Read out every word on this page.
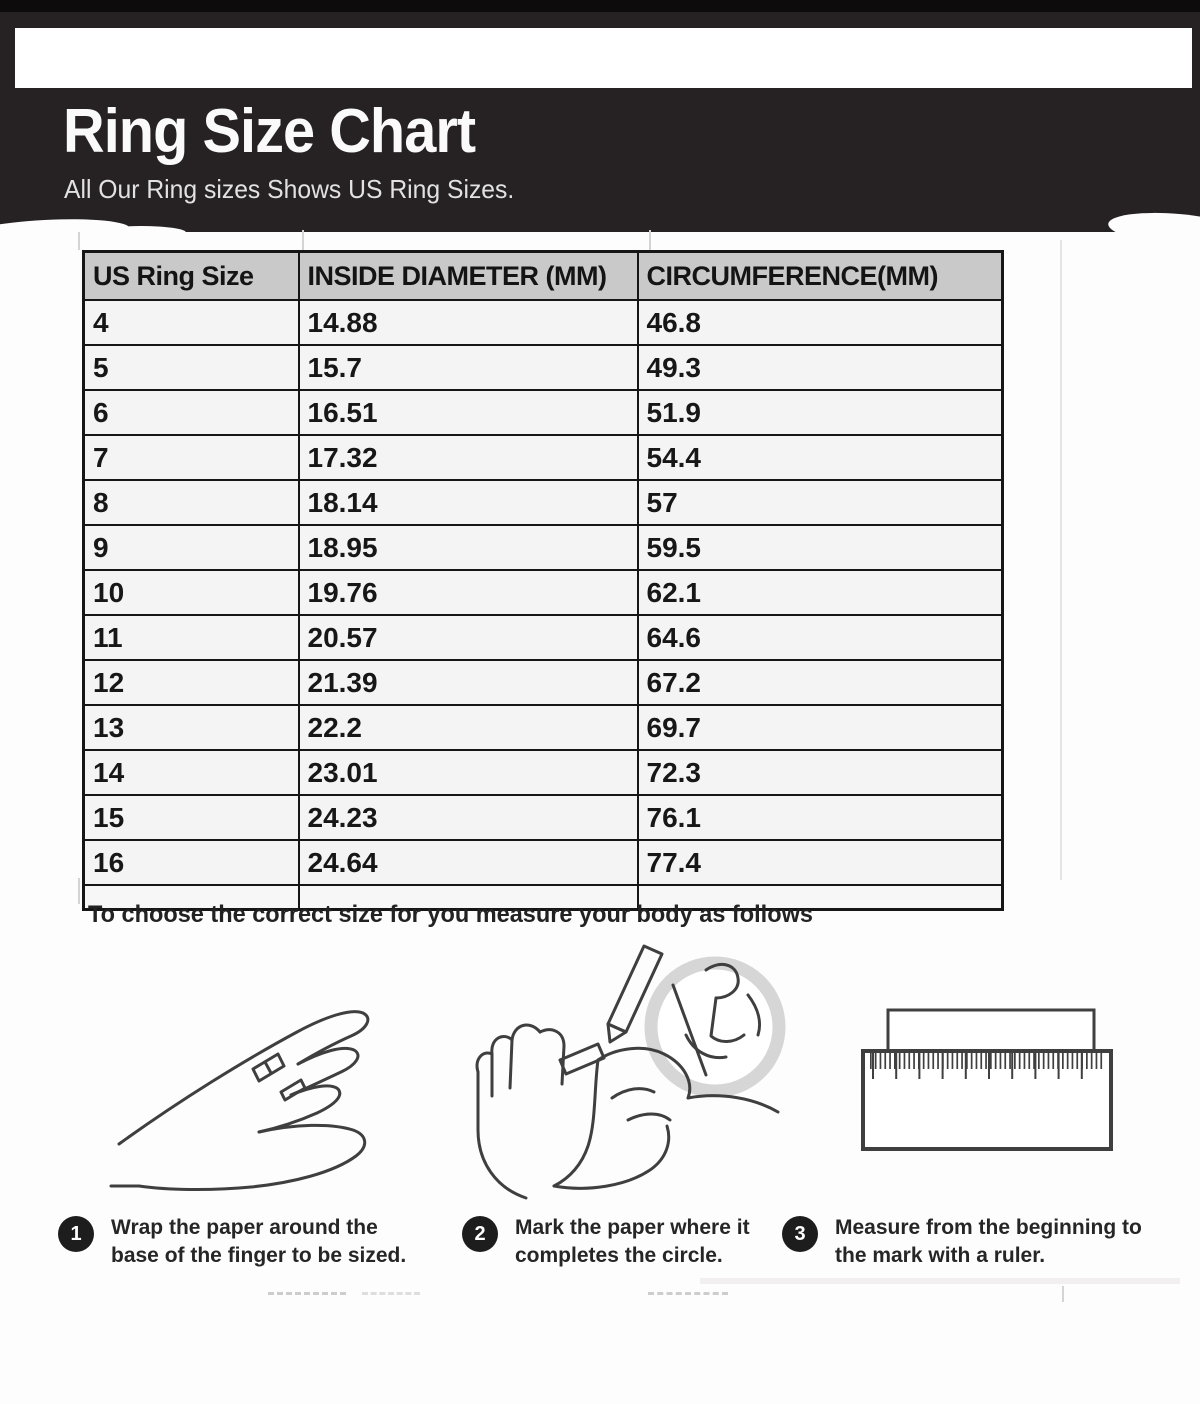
Ring Size Chart

All Our Ring sizes Shows US Ring Sizes.

US Ring Size	INSIDE DIAMETER (MM)	CIRCUMFERENCE(MM)
4	14.88	46.8
5	15.7	49.3
6	16.51	51.9
7	17.32	54.4
8	18.14	57
9	18.95	59.5
10	19.76	62.1
11	20.57	64.6
12	21.39	67.2
13	22.2	69.7
14	23.01	72.3
15	24.23	76.1
16	24.64	77.4

To choose the correct size for you measure your body as follows

1	Wrap the paper around the base of the finger to be sized.

2	Mark the paper where it completes the circle.

3	Measure from the beginning to the mark with a ruler.
